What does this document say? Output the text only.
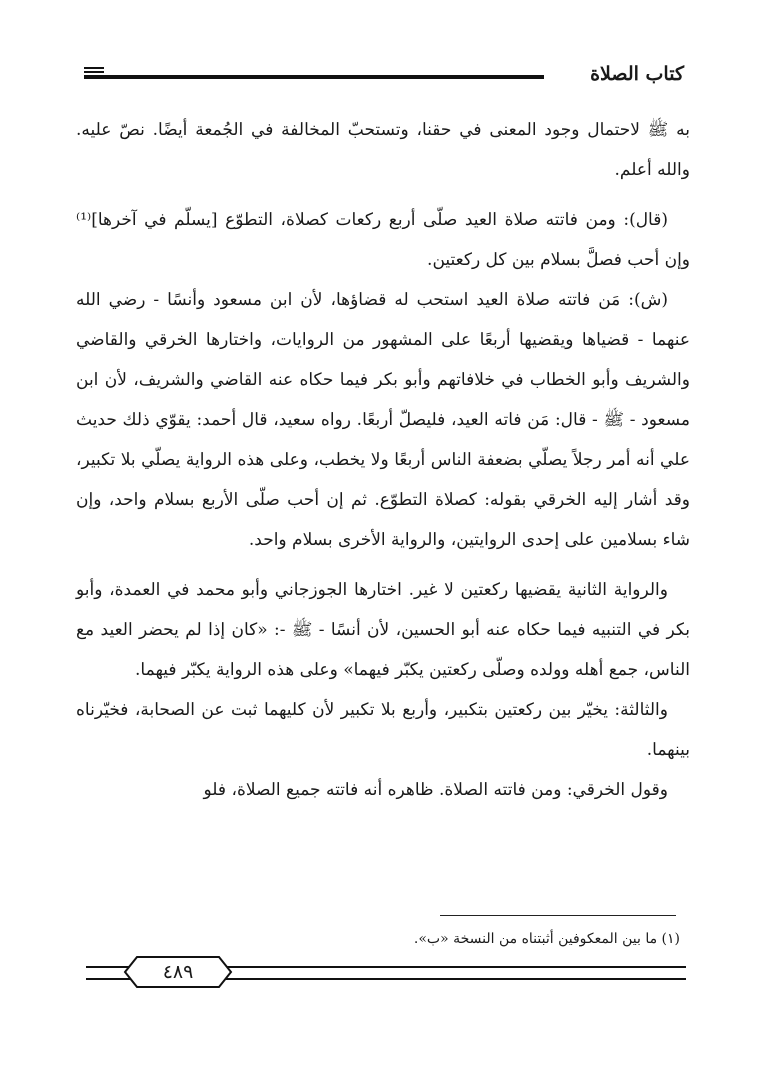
كتاب الصلاة

به ﷺ لاحتمال وجود المعنى في حقنا، وتستحبّ المخالفة في الجُمعة أيضًا. نصّ عليه. والله أعلم.

(قال): ومن فاتته صلاة العيد صلّى أربع ركعات كصلاة، التطوّع [يسلّم في آخرها]⁽¹⁾ وإن أحب فصلَّ بسلام بين كل ركعتين.

(ش): مَن فاتته صلاة العيد استحب له قضاؤها، لأن ابن مسعود وأنسًا - رضي الله عنهما - قضياها ويقضيها أربعًا على المشهور من الروايات، واختارها الخرقي والقاضي والشريف وأبو الخطاب في خلافاتهم وأبو بكر فيما حكاه عنه القاضي والشريف، لأن ابن مسعود - ﷺ - قال: مَن فاته العيد، فليصلّ أربعًا. رواه سعيد، قال أحمد: يقوّي ذلك حديث علي أنه أمر رجلاً يصلّي بضعفة الناس أربعًا ولا يخطب، وعلى هذه الرواية يصلّي بلا تكبير، وقد أشار إليه الخرقي بقوله: كصلاة التطوّع. ثم إن أحب صلّى الأربع بسلام واحد، وإن شاء بسلامين على إحدى الروايتين، والرواية الأخرى بسلام واحد.

والرواية الثانية يقضيها ركعتين لا غير. اختارها الجوزجاني وأبو محمد في العمدة، وأبو بكر في التنبيه فيما حكاه عنه أبو الحسين، لأن أنسًا - ﷺ -: «كان إذا لم يحضر العيد مع الناس، جمع أهله وولده وصلّى ركعتين يكبّر فيهما» وعلى هذه الرواية يكبّر فيهما.

والثالثة: يخيّر بين ركعتين بتكبير، وأربع بلا تكبير لأن كليهما ثبت عن الصحابة، فخيّرناه بينهما.

وقول الخرقي: ومن فاتته الصلاة. ظاهره أنه فاتته جميع الصلاة، فلو

(١) ما بين المعكوفين أثبتناه من النسخة «ب».
٤٨٩
